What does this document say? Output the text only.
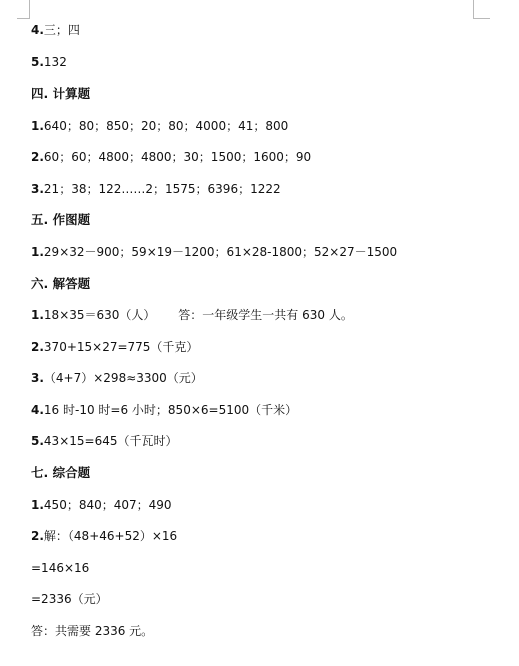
4.三；四
5.132
四. 计算题
1.640；80；850；20；80；4000；41；800
2.60；60；4800；4800；30；1500；1600；90
3.21；38；122……2；1575；6396；1222
五. 作图题
1.29×32－900；59×19－1200；61×28-1800；52×27－1500
六. 解答题
1.18×35＝630（人）      答：一年级学生一共有 630 人。
2.370+15×27=775（千克）
3.（4+7）×298≈3300（元）
4.16 时-10 时=6 小时；850×6=5100（千米）
5.43×15=645（千瓦时）
七. 综合题
1.450；840；407；490
2.解：（48+46+52）×16
=146×16
=2336（元）
答：共需要 2336 元。
